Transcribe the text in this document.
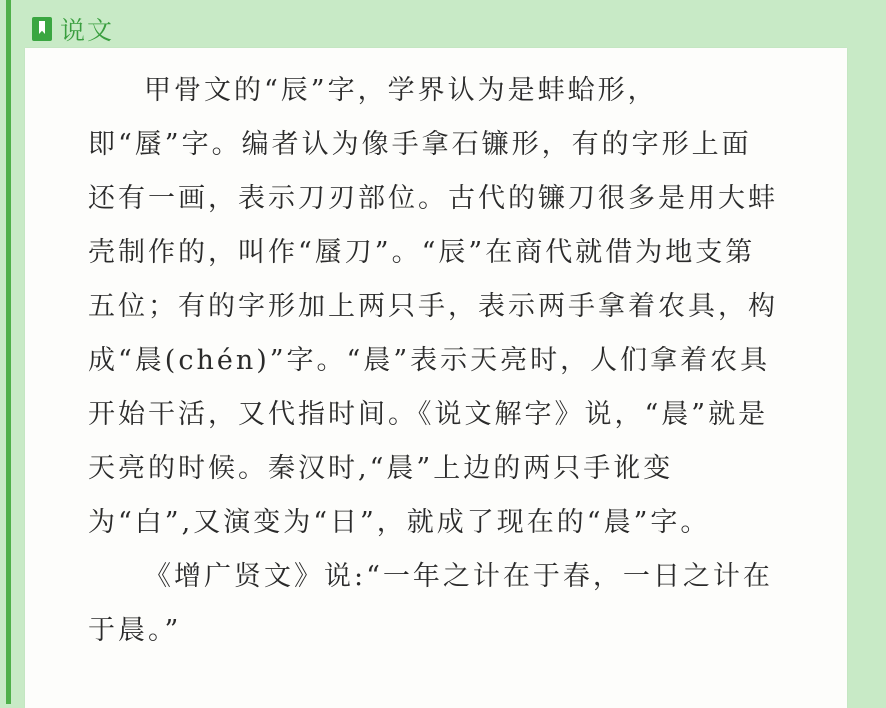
说文

甲骨文的“辰”字，学界认为是蚌蛤形，即“蜃”字。编者认为像手拿石镰形，有的字形上面还有一画，表示刀刃部位。古代的镰刀很多是用大蚌壳制作的，叫作“蜃刀”。“辰”在商代就借为地支第五位；有的字形加上两只手，表示两手拿着农具，构成“晨(chén)”字。“晨”表示天亮时，人们拿着农具开始干活，又代指时间。《说文解字》说，“晨”就是天亮的时候。秦汉时,“晨”上边的两只手讹变为“白”,又演变为“日”，就成了现在的“晨”字。

《增广贤文》说:“一年之计在于春，一日之计在于晨。”
